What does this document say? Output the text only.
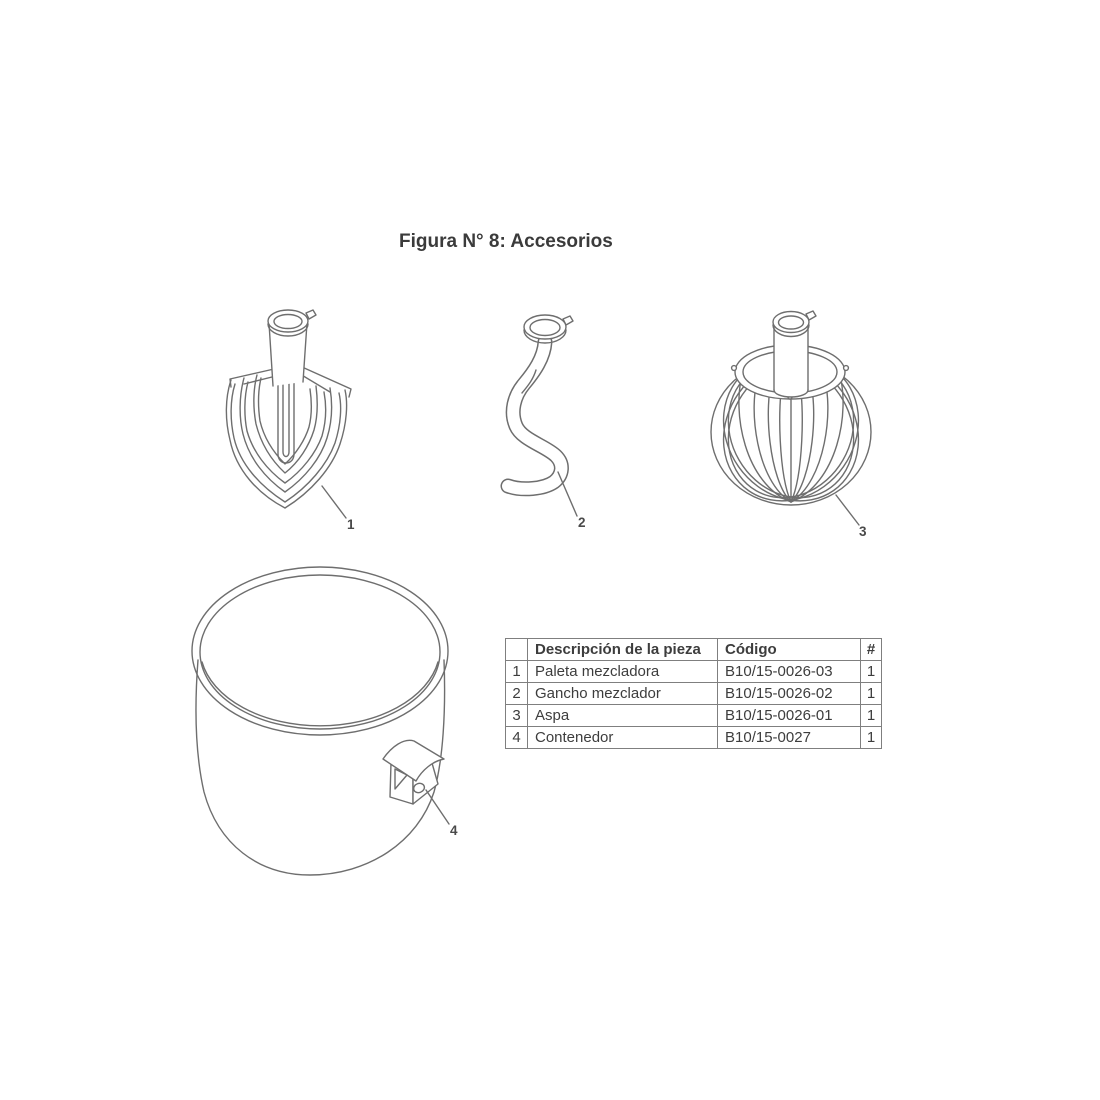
Figura N° 8: Accesorios
1	2
3
4
	Descripción de la pieza	Código	#
1	Paleta mezcladora	B10/15-0026-03	1
2	Gancho mezclador	B10/15-0026-02	1
3	Aspa	B10/15-0026-01	1
4	Contenedor	B10/15-0027	1
